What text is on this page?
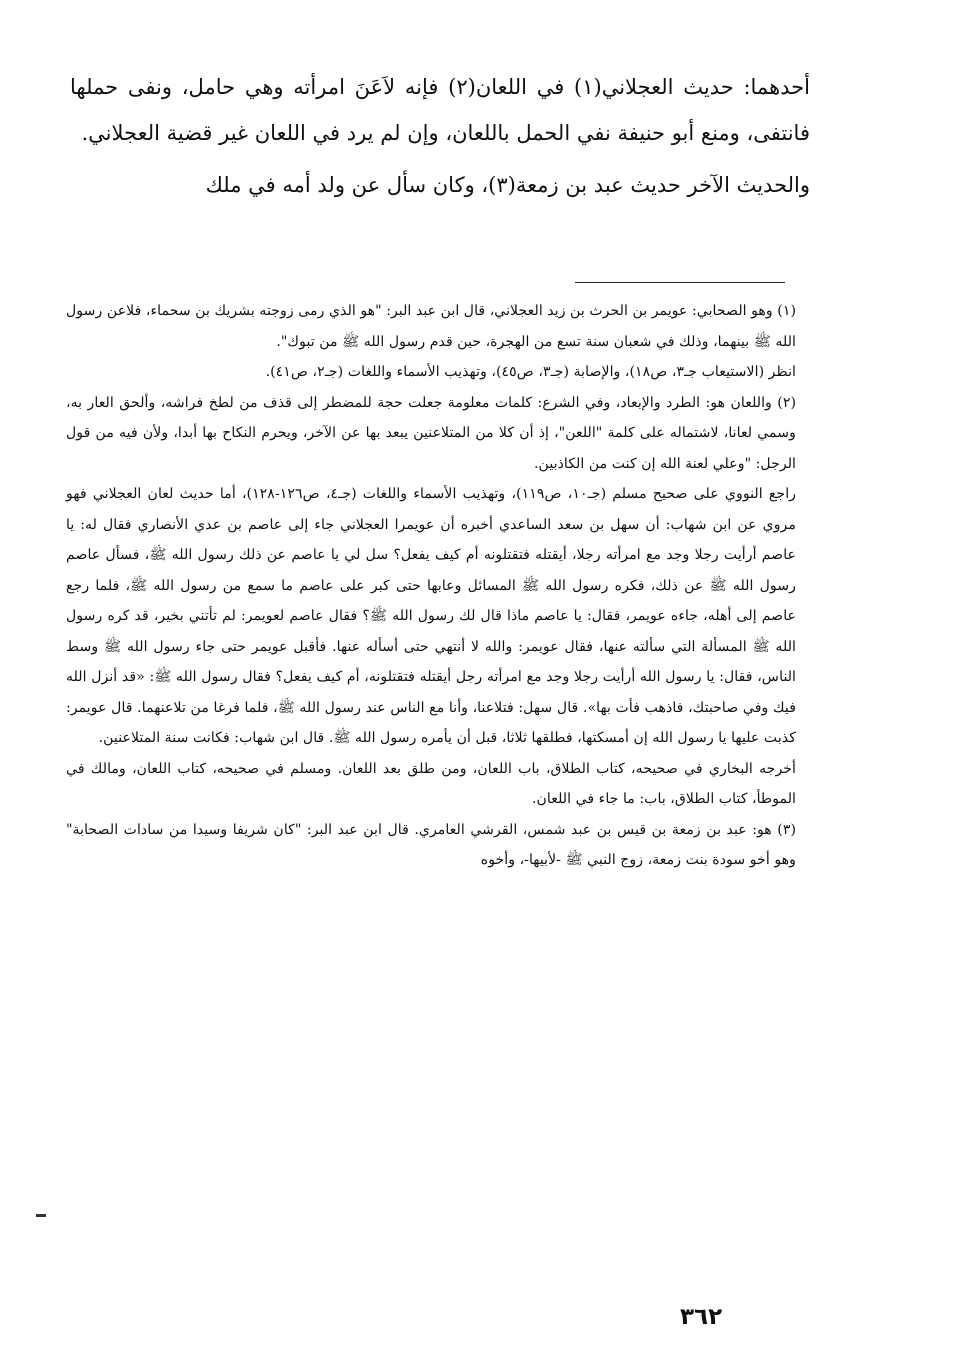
أحدهما: حديث العجلاني(١) في اللعان(٢) فإنه لاَعَنَ امرأته وهي حامل، ونفى حملها فانتفى، ومنع أبو حنيفة نفي الحمل باللعان، وإن لم يرد في اللعان غير قضية العجلاني.

والحديث الآخر حديث عبد بن زمعة(٣)، وكان سأل عن ولد أمه في ملك

(١) وهو الصحابي: عويمر بن الحرث بن زيد العجلاني، قال ابن عبد البر: "هو الذي رمى زوجته بشريك بن سحماء، فلاعن رسول الله ﷺ بينهما، وذلك في شعبان سنة تسع من الهجرة، حين قدم رسول الله ﷺ من تبوك".

انظر (الاستيعاب جـ٣، ص١٨)، والإصابة (جـ٣، ص٤٥)، وتهذيب الأسماء واللغات (جـ٢، ص٤١).

(٢) واللعان هو: الطرد والإبعاد، وفي الشرع: كلمات معلومة جعلت حجة للمضطر إلى قذف من لطخ فراشه، وألحق العار به، وسمي لعانا، لاشتماله على كلمة "اللعن"، إذ أن كلا من المتلاعنين يبعد بها عن الآخر، ويحرم النكاح بها أبدا، ولأن فيه من قول الرجل: "وعلي لعنة الله إن كنت من الكاذبين.

راجع النووي على صحيح مسلم (جـ١٠، ص١١٩)، وتهذيب الأسماء واللغات (جـ٤، ص١٢٦-١٢٨)، أما حديث لعان العجلاني فهو مروي عن ابن شهاب: أن سهل بن سعد الساعدي أخبره أن عويمرا العجلاني جاء إلى عاصم بن عدي الأنصاري فقال له: يا عاصم أرأيت رجلا وجد مع امرأته رجلا، أيقتله فتقتلونه أم كيف يفعل؟ سل لي يا عاصم عن ذلك رسول الله ﷺ، فسأل عاصم رسول الله ﷺ عن ذلك، فكره رسول الله ﷺ المسائل وعابها حتى كبر على عاصم ما سمع من رسول الله ﷺ، فلما رجع عاصم إلى أهله، جاءه عويمر، فقال: يا عاصم ماذا قال لك رسول الله ﷺ؟ فقال عاصم لعويمر: لم تأتني بخير، قد كره رسول الله ﷺ المسألة التي سألته عنها، فقال عويمر: والله لا أنتهي حتى أسأله عنها. فأقبل عويمر حتى جاء رسول الله ﷺ وسط الناس، فقال: يا رسول الله أرأيت رجلا وجد مع امرأته رجل أيقتله فتقتلونه، أم كيف يفعل؟ فقال رسول الله ﷺ: «قد أنزل الله فيك وفي صاحبتك، فاذهب فأت بها». قال سهل: فتلاعنا، وأنا مع الناس عند رسول الله ﷺ، فلما فرغا من تلاعنهما. قال عويمر: كذبت عليها يا رسول الله إن أمسكتها، فطلقها ثلاثا، قبل أن يأمره رسول الله ﷺ. قال ابن شهاب: فكانت سنة المتلاعنين.

أخرجه البخاري في صحيحه، كتاب الطلاق، باب اللعان، ومن طلق بعد اللعان. ومسلم في صحيحه، كتاب اللعان، ومالك في الموطأ، كتاب الطلاق، باب: ما جاء في اللعان.

(٣) هو: عبد بن زمعة بن قيس بن عبد شمس، القرشي العامري. قال ابن عبد البر: "كان شريفا وسيدا من سادات الصحابة" وهو أخو سودة بنت زمعة، زوج النبي ﷺ -لأبيها-، وأخوه

٣٦٢
